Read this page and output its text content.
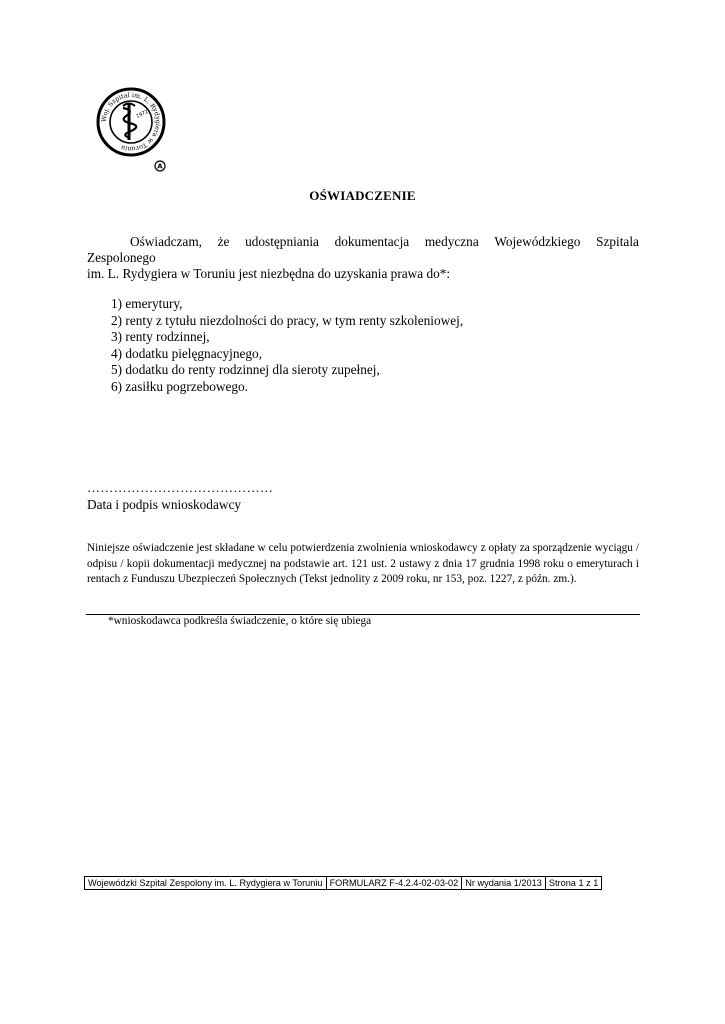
Woj. Szpital im. L. Rydygiera w Toruniu
1972
A
OŚWIADCZENIE
Oświadczam, że udostępniania dokumentacja medyczna Wojewódzkiego Szpitala
Zespolonego
im. L. Rydygiera w Toruniu jest niezbędna do uzyskania prawa do*:
1) emerytury,
2) renty z tytułu niezdolności do pracy, w tym renty szkoleniowej,
3) renty rodzinnej,
4) dodatku pielęgnacyjnego,
5) dodatku do renty rodzinnej dla sieroty zupełnej,
6) zasiłku pogrzebowego.
……………………………………
Data i podpis wnioskodawcy
Niniejsze oświadczenie jest składane w celu potwierdzenia zwolnienia wnioskodawcy z opłaty za sporządzenie wyciągu / odpisu / kopii dokumentacji medycznej na podstawie art. 121 ust. 2 ustawy z dnia 17 grudnia 1998 roku o emeryturach i rentach z Funduszu Ubezpieczeń Społecznych (Tekst jednolity z 2009 roku, nr 153, poz. 1227, z późn. zm.).
*wnioskodawca podkreśla świadczenie, o które się ubiega
Wojewódzki Szpital Zespolony im. L. Rydygiera w Toruniu	FORMULARZ F-4.2.4-02-03-02	Nr wydania 1/2013	Strona 1 z 1
